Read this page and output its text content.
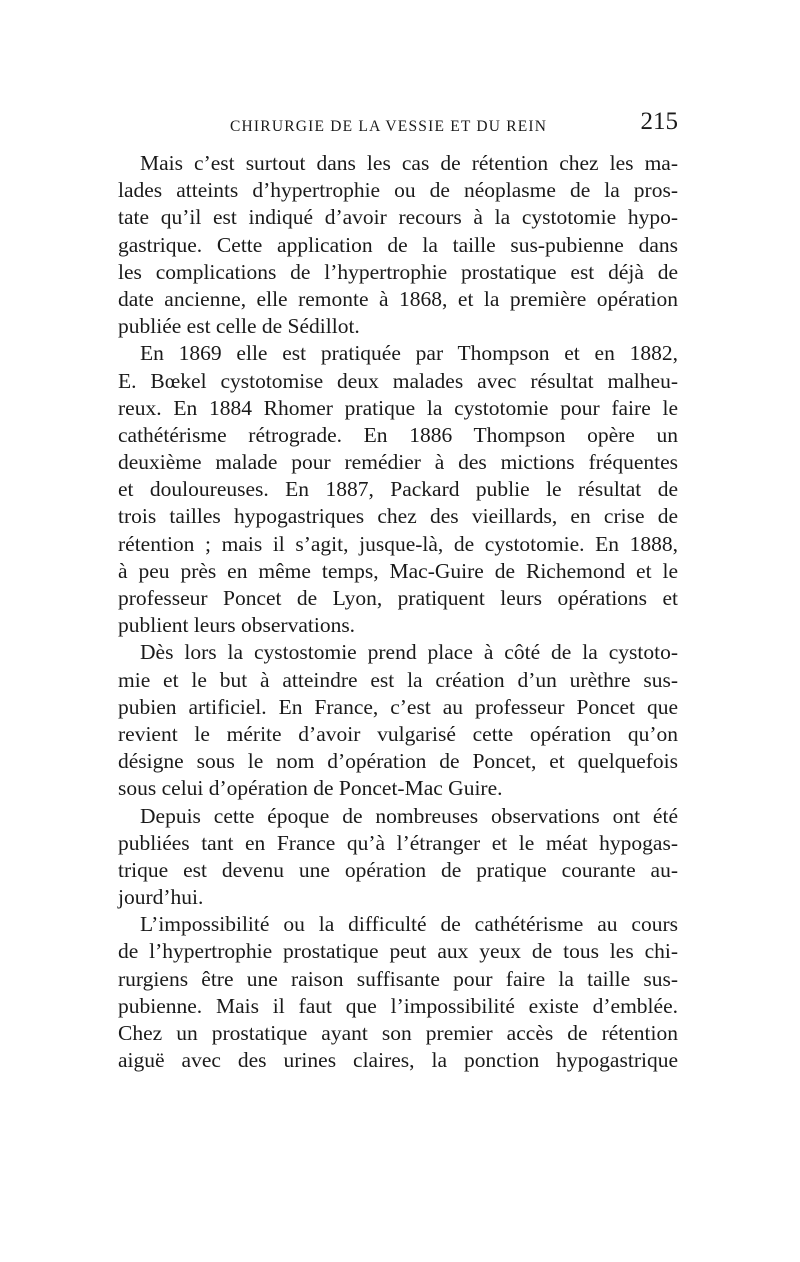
CHIRURGIE DE LA VESSIE ET DU REIN	215

Mais c’est surtout dans les cas de rétention chez les ma-
lades atteints d’hypertrophie ou de néoplasme de la pros-
tate qu’il est indiqué d’avoir recours à la cystotomie hypo-
gastrique. Cette application de la taille sus-pubienne dans
les complications de l’hypertrophie prostatique est déjà de
date ancienne, elle remonte à 1868, et la première opération
publiée est celle de Sédillot.

En 1869 elle est pratiquée par Thompson et en 1882,
E. Bœkel cystotomise deux malades avec résultat malheu-
reux. En 1884 Rhomer pratique la cystotomie pour faire le
cathétérisme rétrograde. En 1886 Thompson opère un
deuxième malade pour remédier à des mictions fréquentes
et douloureuses. En 1887, Packard publie le résultat de
trois tailles hypogastriques chez des vieillards, en crise de
rétention ; mais il s’agit, jusque-là, de cystotomie. En 1888,
à peu près en même temps, Mac-Guire de Richemond et le
professeur Poncet de Lyon, pratiquent leurs opérations et
publient leurs observations.

Dès lors la cystostomie prend place à côté de la cystoto-
mie et le but à atteindre est la création d’un urèthre sus-
pubien artificiel. En France, c’est au professeur Poncet que
revient le mérite d’avoir vulgarisé cette opération qu’on
désigne sous le nom d’opération de Poncet, et quelquefois
sous celui d’opération de Poncet-Mac Guire.

Depuis cette époque de nombreuses observations ont été
publiées tant en France qu’à l’étranger et le méat hypogas-
trique est devenu une opération de pratique courante au-
jourd’hui.

L’impossibilité ou la difficulté de cathétérisme au cours
de l’hypertrophie prostatique peut aux yeux de tous les chi-
rurgiens être une raison suffisante pour faire la taille sus-
pubienne. Mais il faut que l’impossibilité existe d’emblée.
Chez un prostatique ayant son premier accès de rétention
aiguë avec des urines claires, la ponction hypogastrique
